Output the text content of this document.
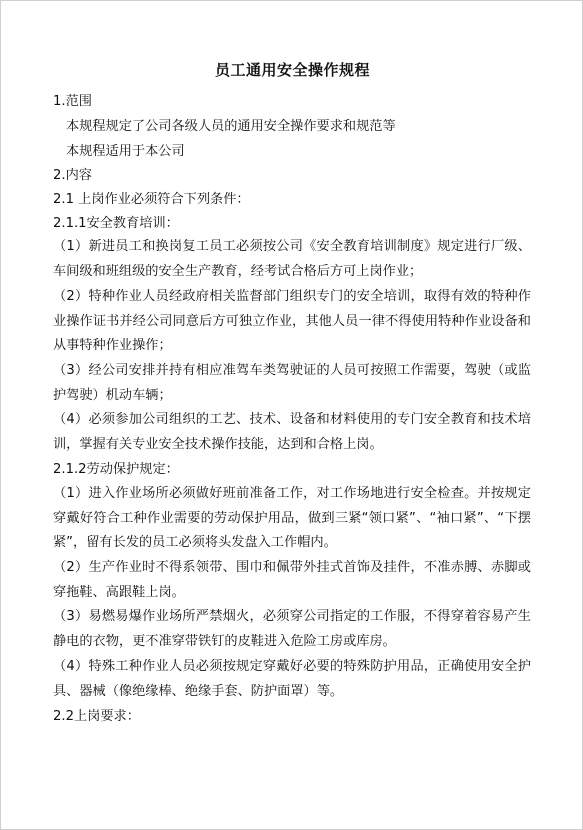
员工通用安全操作规程
1.范围
本规程规定了公司各级人员的通用安全操作要求和规范等
本规程适用于本公司
2.内容
2.1 上岗作业必须符合下列条件：
2.1.1安全教育培训：
（1）新进员工和换岗复工员工必须按公司《安全教育培训制度》规定进行厂级、车间级和班组级的安全生产教育，经考试合格后方可上岗作业；
（2）特种作业人员经政府相关监督部门组织专门的安全培训，取得有效的特种作业操作证书并经公司同意后方可独立作业，其他人员一律不得使用特种作业设备和从事特种作业操作；
（3）经公司安排并持有相应准驾车类驾驶证的人员可按照工作需要，驾驶（或监护驾驶）机动车辆；
（4）必须参加公司组织的工艺、技术、设备和材料使用的专门安全教育和技术培训，掌握有关专业安全技术操作技能，达到和合格上岗。
2.1.2劳动保护规定：
（1）进入作业场所必须做好班前准备工作，对工作场地进行安全检查。并按规定穿戴好符合工种作业需要的劳动保护用品，做到三紧“领口紧”、“袖口紧”、“下摆紧”，留有长发的员工必须将头发盘入工作帽内。
（2）生产作业时不得系领带、围巾和佩带外挂式首饰及挂件，不准赤膊、赤脚或穿拖鞋、高跟鞋上岗。
（3）易燃易爆作业场所严禁烟火，必须穿公司指定的工作服，不得穿着容易产生静电的衣物，更不准穿带铁钉的皮鞋进入危险工房或库房。
（4）特殊工种作业人员必须按规定穿戴好必要的特殊防护用品，正确使用安全护具、器械（像绝缘棒、绝缘手套、防护面罩）等。
2.2上岗要求：
